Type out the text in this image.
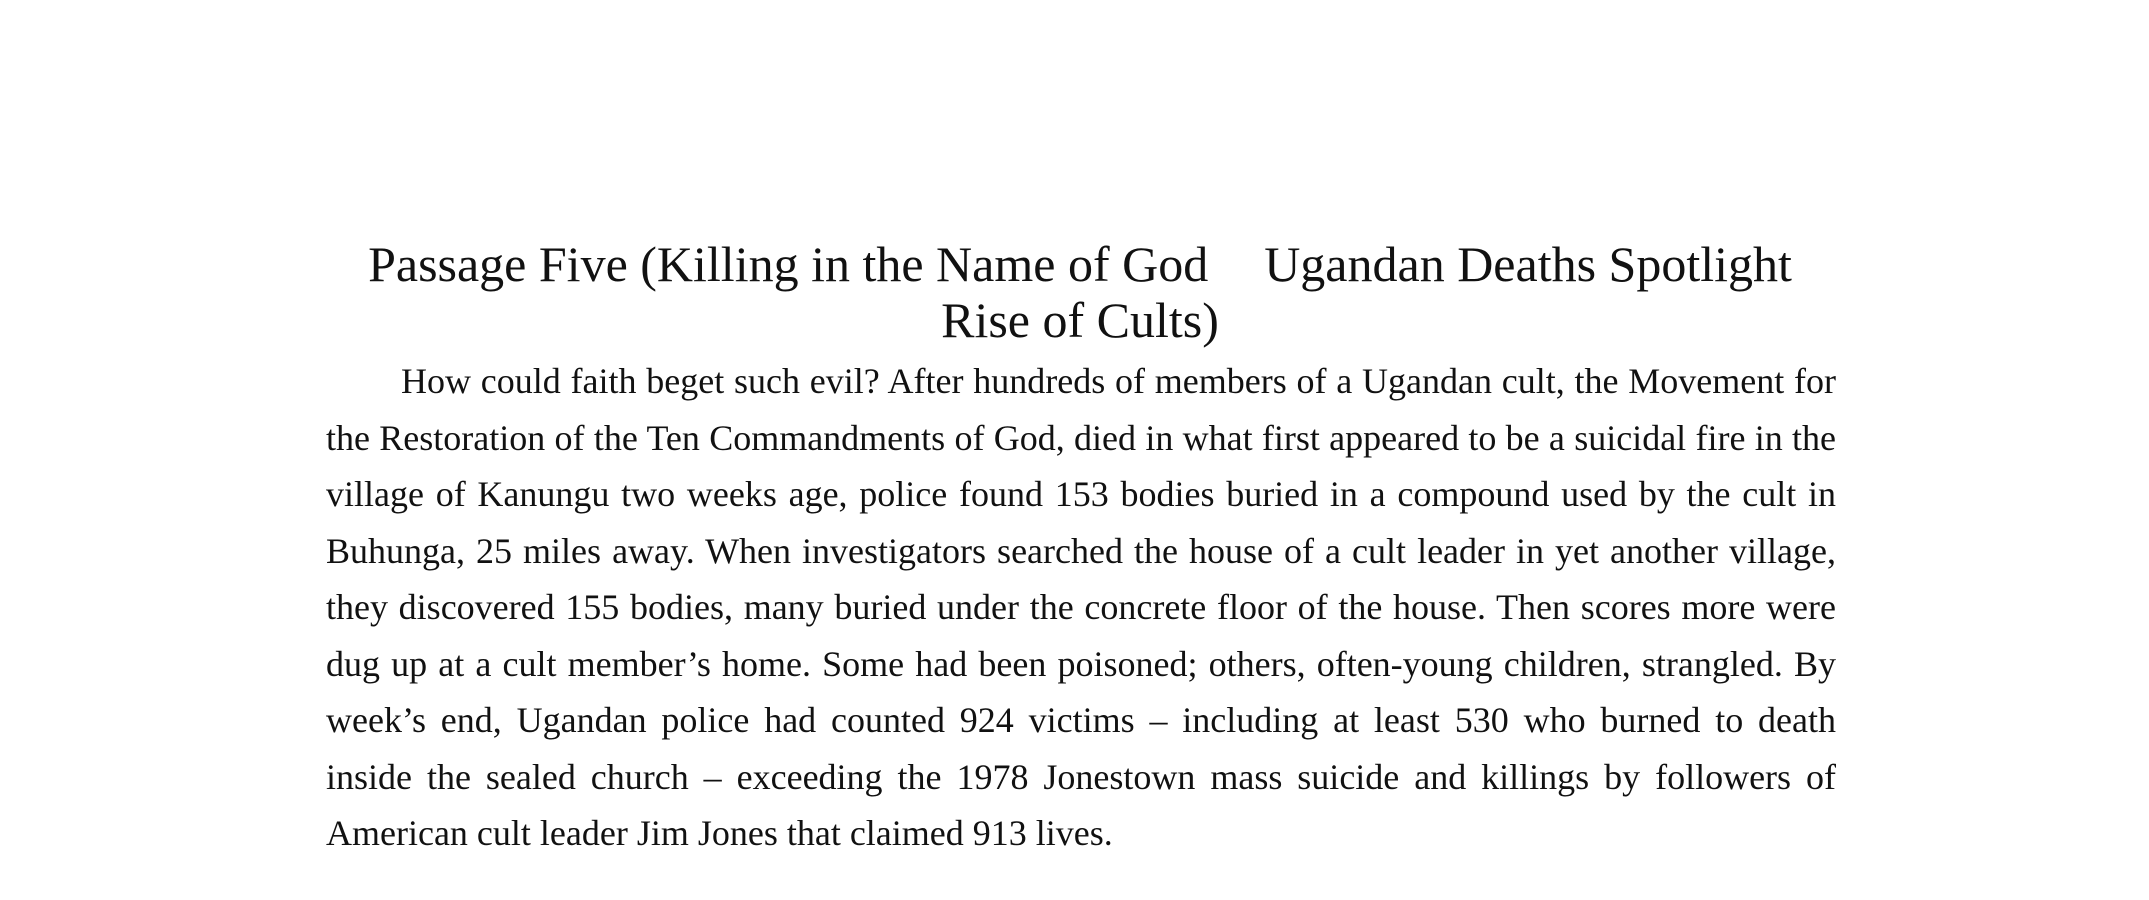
Passage Five (Killing in the Name of God Ugandan Deaths Spotlight Rise of Cults)

How could faith beget such evil? After hundreds of members of a Ugandan cult, the Movement for the Restoration of the Ten Commandments of God, died in what first appeared to be a suicidal fire in the village of Kanungu two weeks age, police found 153 bodies buried in a compound used by the cult in Buhunga, 25 miles away. When investigators searched the house of a cult leader in yet another village, they discovered 155 bodies, many buried under the concrete floor of the house. Then scores more were dug up at a cult member’s home. Some had been poisoned; others, often-young children, strangled. By week’s end, Ugandan police had counted 924 victims – including at least 530 who burned to death inside the sealed church – exceeding the 1978 Jonestown mass suicide and killings by followers of American cult leader Jim Jones that claimed 913 lives.
